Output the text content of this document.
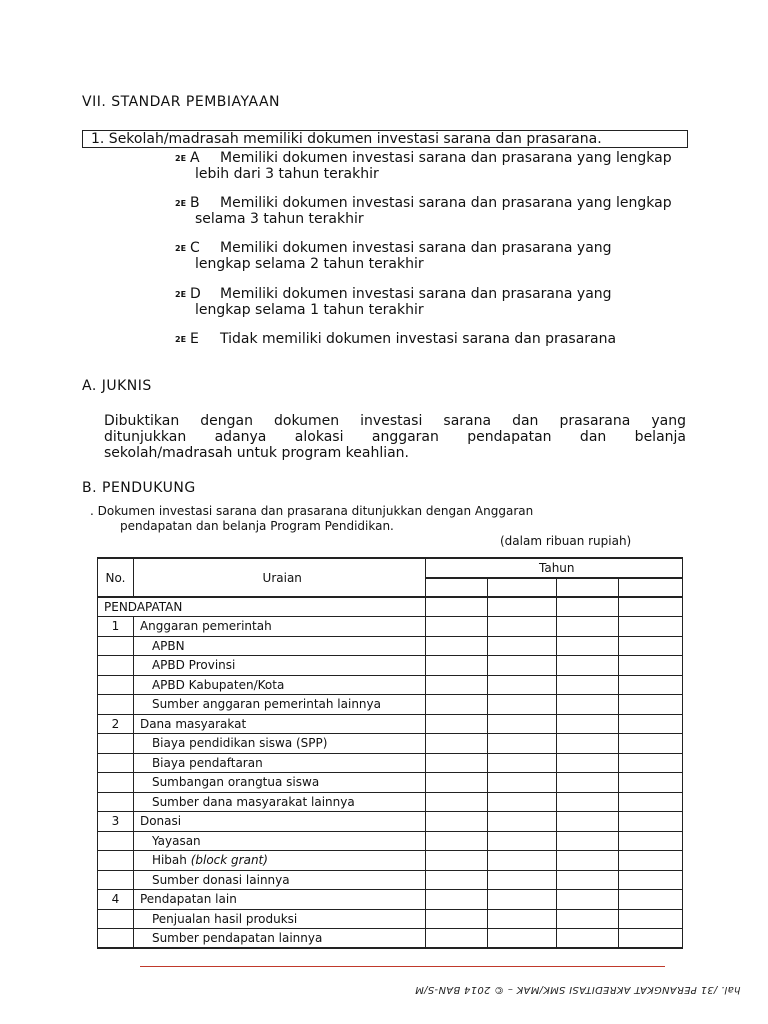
VII. STANDAR PEMBIAYAAN
1. Sekolah/madrasah memiliki dokumen investasi sarana dan prasarana.
2E A Memiliki dokumen investasi sarana dan prasarana yang lengkap
lebih dari 3 tahun terakhir
2E B Memiliki dokumen investasi sarana dan prasarana yang lengkap
selama 3 tahun terakhir
2E C Memiliki dokumen investasi sarana dan prasarana yang
lengkap selama 2 tahun terakhir
2E D Memiliki dokumen investasi sarana dan prasarana yang
lengkap selama 1 tahun terakhir
2E E Tidak memiliki dokumen investasi sarana dan prasarana
A. JUKNIS
Dibuktikan dengan dokumen investasi sarana dan prasarana yang
ditunjukkan adanya alokasi anggaran pendapatan dan belanja
sekolah/madrasah untuk program keahlian.
B. PENDUKUNG
. Dokumen investasi sarana dan prasarana ditunjukkan dengan Anggaran
pendapatan dan belanja Program Pendidikan.
(dalam ribuan rupiah)
No.	Uraian	Tahun			

PENDAPATAN					
1	Anggaran pemerintah				
	APBN				
	APBD Provinsi				
	APBD Kabupaten/Kota				
	Sumber anggaran pemerintah lainnya				
2	Dana masyarakat				
	Biaya pendidikan siswa (SPP)				
	Biaya pendaftaran				
	Sumbangan orangtua siswa				
	Sumber dana masyarakat lainnya				
3	Donasi				
	Yayasan				
	Hibah (block grant)				
	Sumber donasi lainnya				
4	Pendapatan lain				
	Penjualan hasil produksi				
	Sumber pendapatan lainnya				
hal. /31 PERANGKAT AKREDITASI SMK/MAK – © 2014 BAN-S/M
